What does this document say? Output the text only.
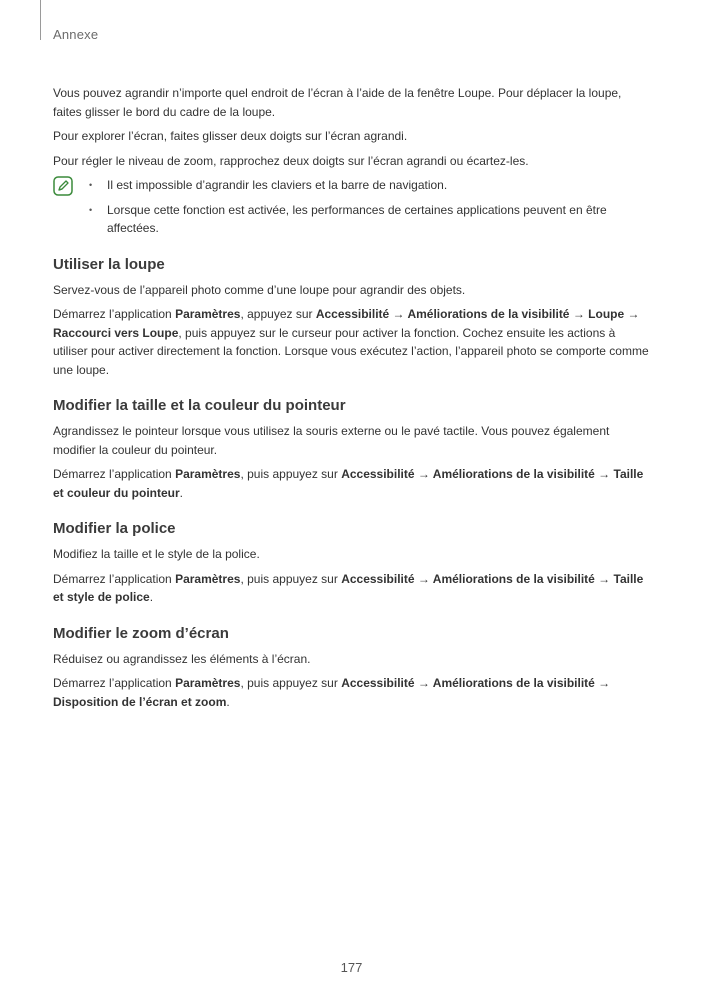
Annexe

Vous pouvez agrandir n’importe quel endroit de l’écran à l’aide de la fenêtre Loupe. Pour déplacer la loupe, faites glisser le bord du cadre de la loupe.

Pour explorer l’écran, faites glisser deux doigts sur l’écran agrandi.

Pour régler le niveau de zoom, rapprochez deux doigts sur l’écran agrandi ou écartez-les.

• Il est impossible d’agrandir les claviers et la barre de navigation.
• Lorsque cette fonction est activée, les performances de certaines applications peuvent en être affectées.
Utiliser la loupe

Servez-vous de l’appareil photo comme d’une loupe pour agrandir des objets.

Démarrez l’application Paramètres, appuyez sur Accessibilité → Améliorations de la visibilité → Loupe → Raccourci vers Loupe, puis appuyez sur le curseur pour activer la fonction. Cochez ensuite les actions à utiliser pour activer directement la fonction. Lorsque vous exécutez l’action, l’appareil photo se comporte comme une loupe.

Modifier la taille et la couleur du pointeur

Agrandissez le pointeur lorsque vous utilisez la souris externe ou le pavé tactile. Vous pouvez également modifier la couleur du pointeur.

Démarrez l’application Paramètres, puis appuyez sur Accessibilité → Améliorations de la visibilité → Taille et couleur du pointeur.

Modifier la police

Modifiez la taille et le style de la police.

Démarrez l’application Paramètres, puis appuyez sur Accessibilité → Améliorations de la visibilité → Taille et style de police.

Modifier le zoom d’écran

Réduisez ou agrandissez les éléments à l’écran.

Démarrez l’application Paramètres, puis appuyez sur Accessibilité → Améliorations de la visibilité → Disposition de l’écran et zoom.

177
